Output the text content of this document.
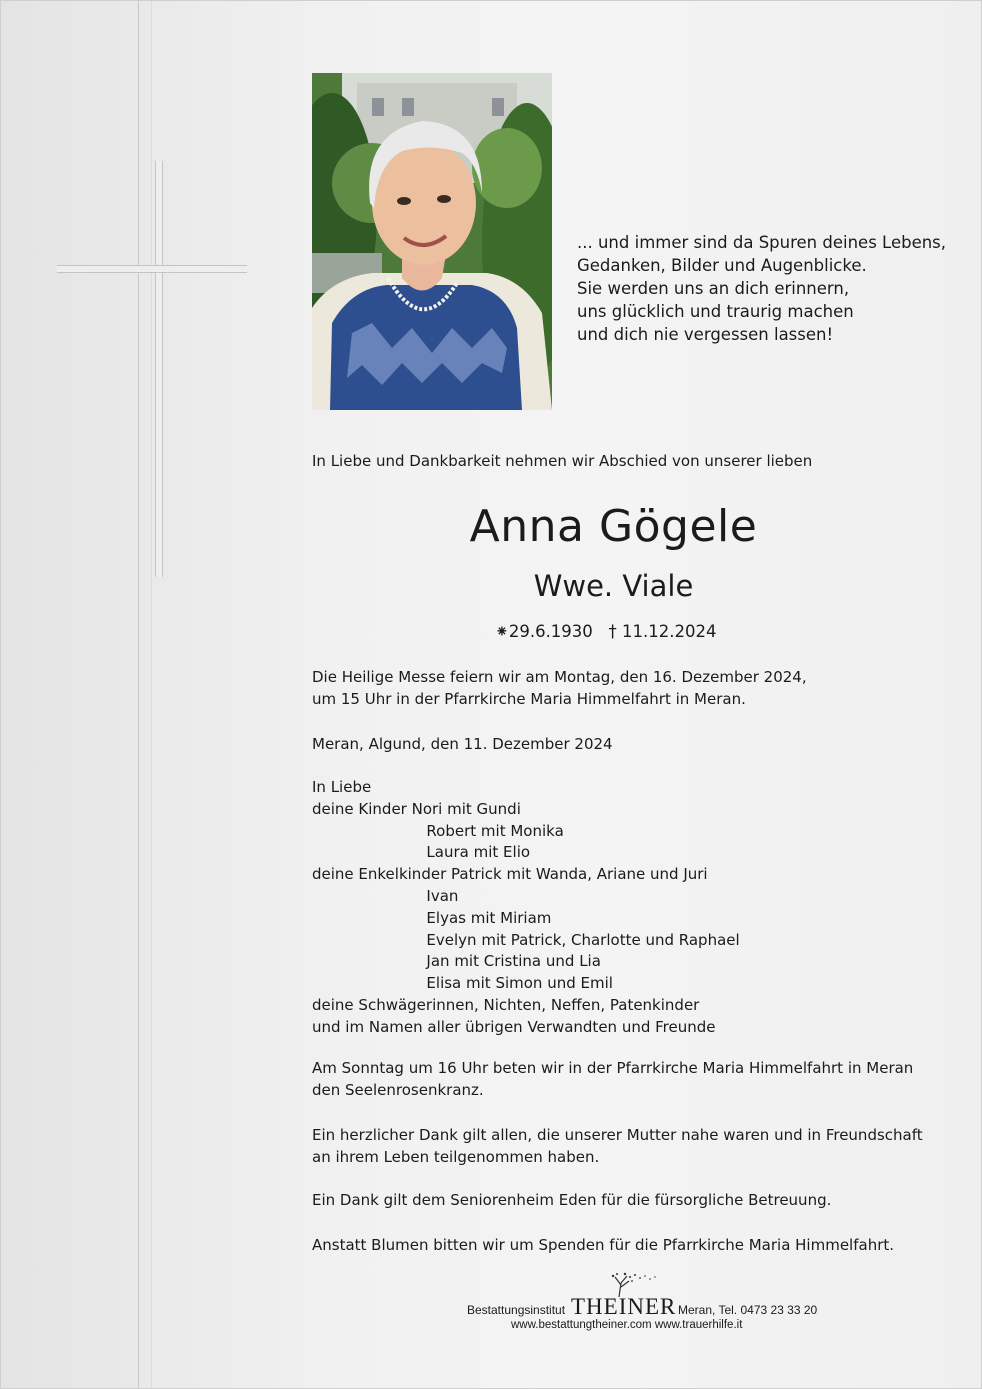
... und immer sind da Spuren deines Lebens,
Gedanken, Bilder und Augenblicke.
Sie werden uns an dich erinnern,
uns glücklich und traurig machen
und dich nie vergessen lassen!
In Liebe und Dankbarkeit nehmen wir Abschied von unserer lieben
Anna Gögele
Wwe. Viale
⁕29.6.1930   † 11.12.2024
Die Heilige Messe feiern wir am Montag, den 16. Dezember 2024,
um 15 Uhr in der Pfarrkirche Maria Himmelfahrt in Meran.
Meran, Algund, den 11. Dezember 2024
In Liebe
deine Kinder Nori mit Gundi
Robert mit Monika
Laura mit Elio
deine Enkelkinder Patrick mit Wanda, Ariane und Juri
Ivan
Elyas mit Miriam
Evelyn mit Patrick, Charlotte und Raphael
Jan mit Cristina und Lia
Elisa mit Simon und Emil
deine Schwägerinnen, Nichten, Neffen, Patenkinder
und im Namen aller übrigen Verwandten und Freunde
Am Sonntag um 16 Uhr beten wir in der Pfarrkirche Maria Himmelfahrt in Meran
den Seelenrosenkranz.
Ein herzlicher Dank gilt allen, die unserer Mutter nahe waren und in Freundschaft
an ihrem Leben teilgenommen haben.
Ein Dank gilt dem Seniorenheim Eden für die fürsorgliche Betreuung.
Anstatt Blumen bitten wir um Spenden für die Pfarrkirche Maria Himmelfahrt.
Bestattungsinstitut THEINER Meran, Tel. 0473 23 33 20
www.bestattungtheiner.com www.trauerhilfe.it
